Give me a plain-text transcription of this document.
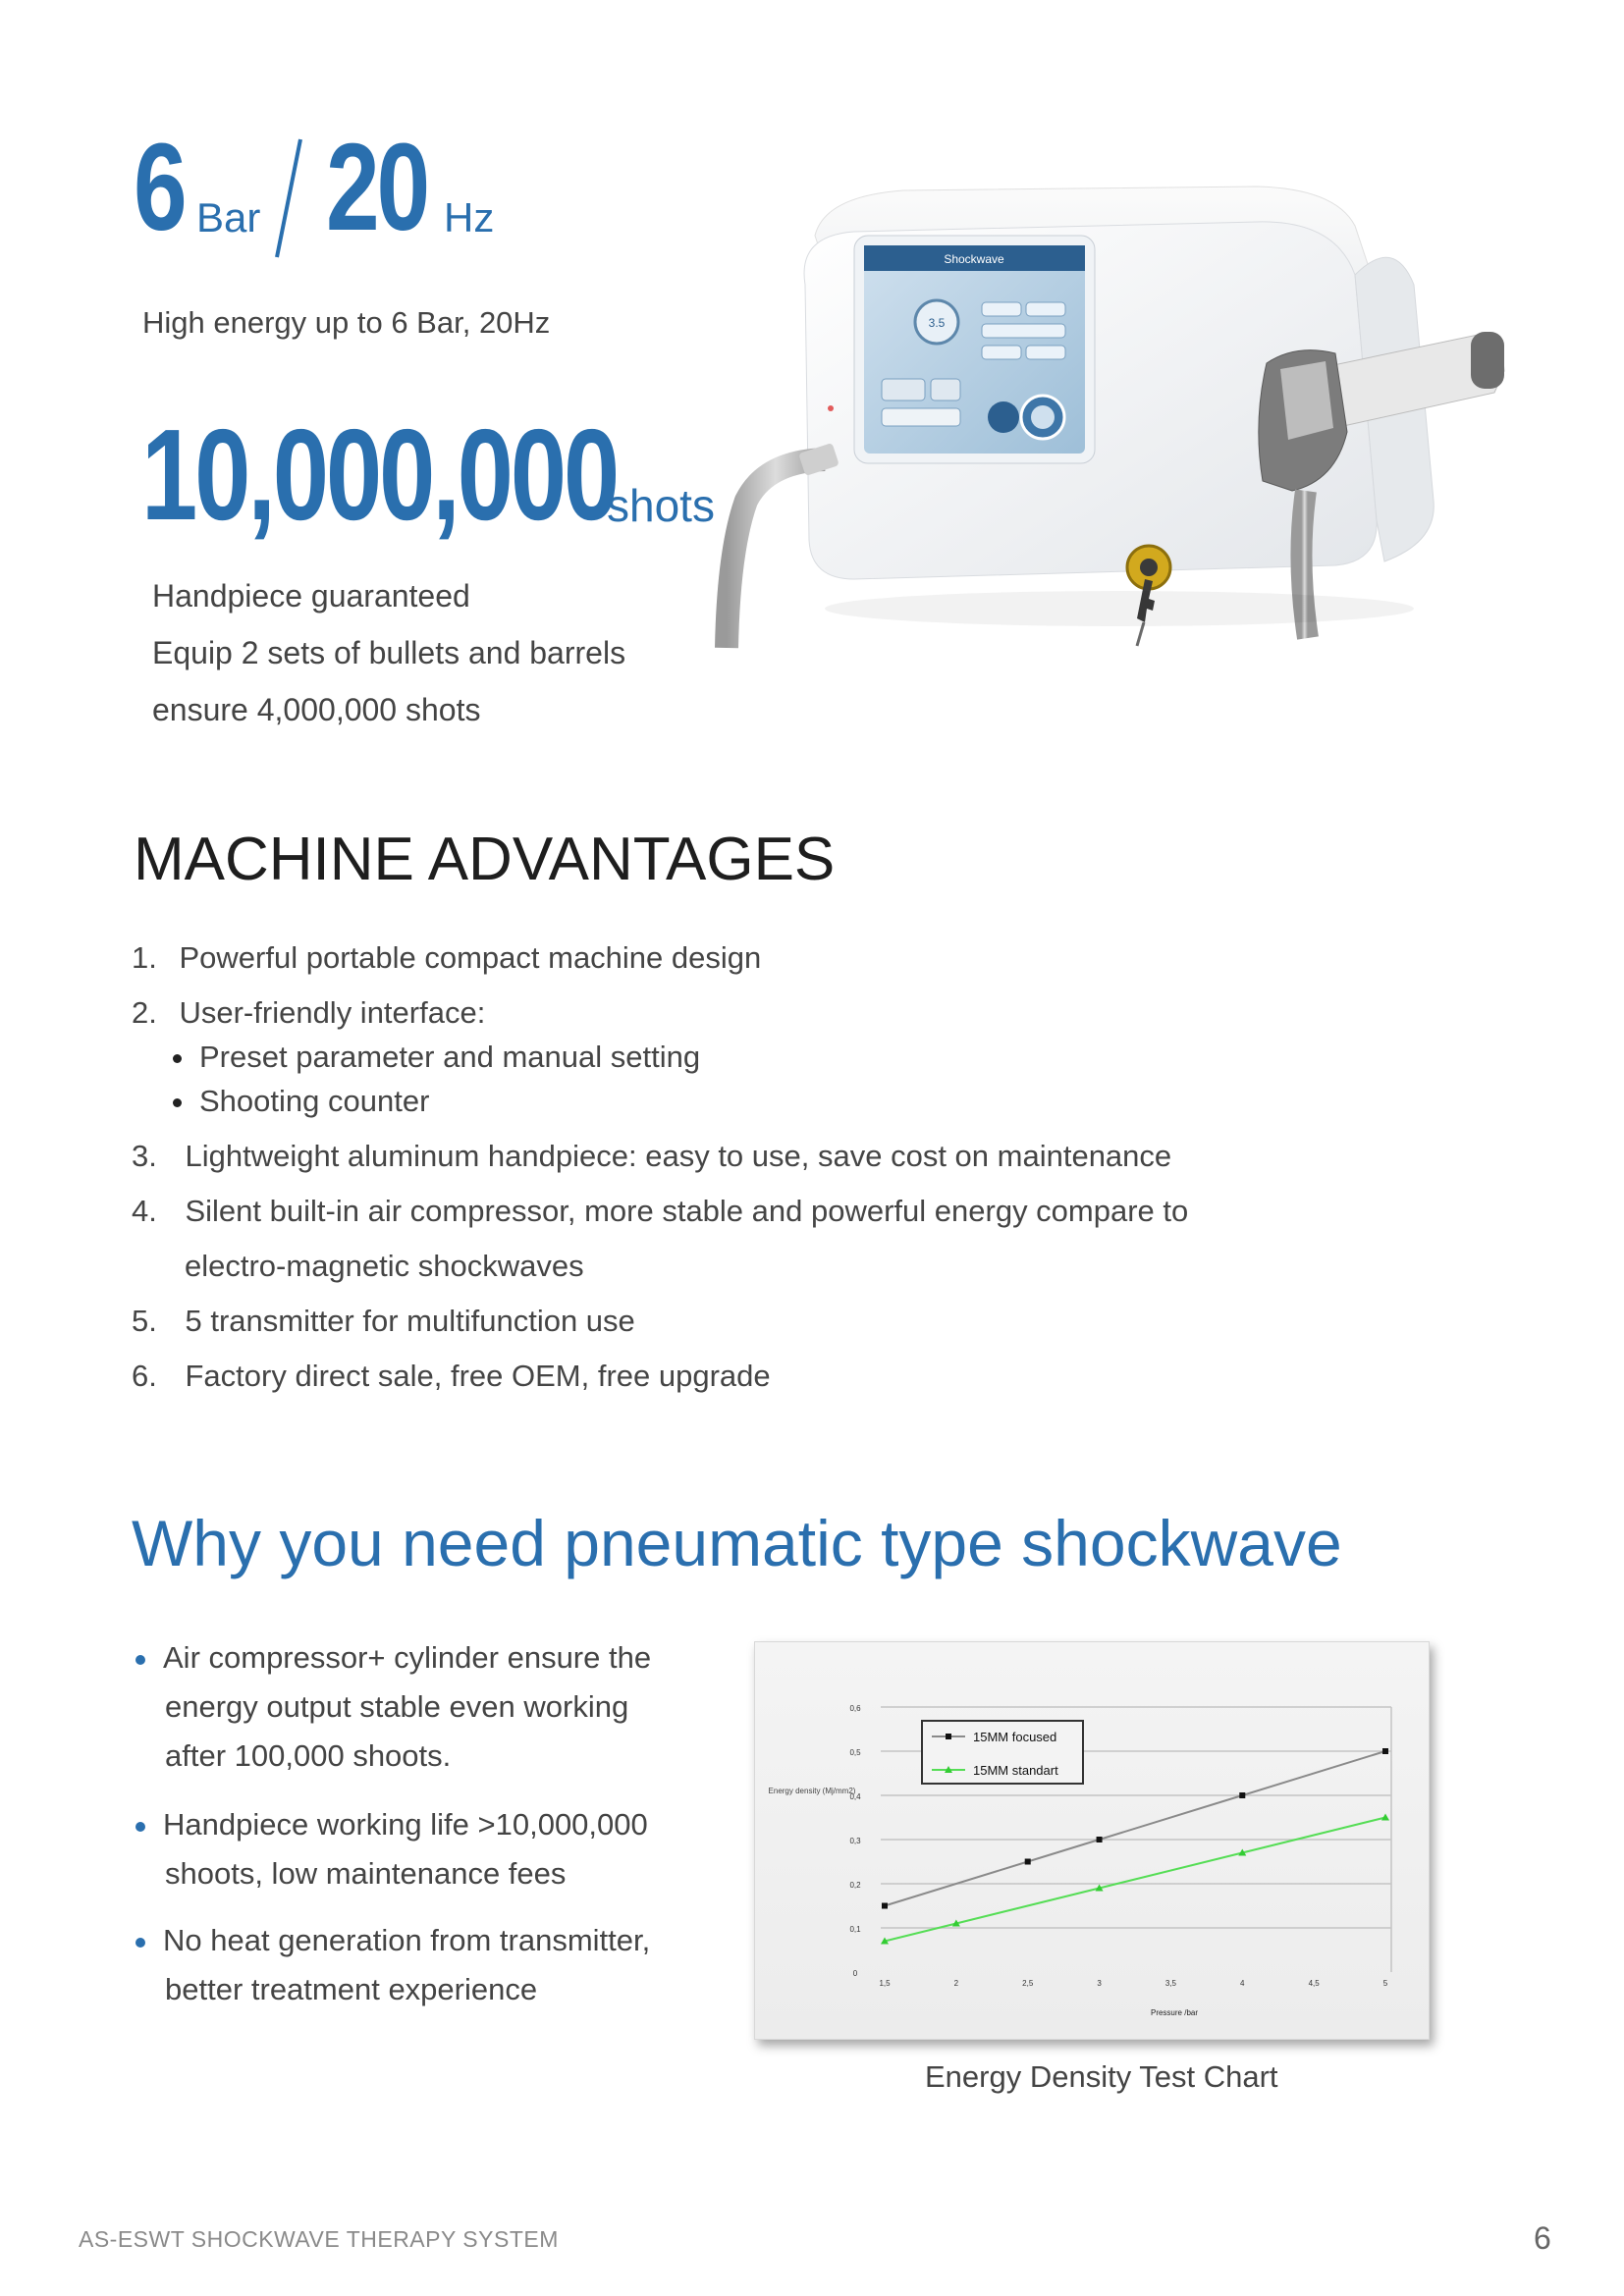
6 Bar 20 Hz
High energy up to 6 Bar, 20Hz
10,000,000
shots
Handpiece guaranteed
Equip 2 sets of bullets and barrels
ensure 4,000,000 shots
Shockwave
3.5
MACHINE ADVANTAGES
1. Powerful portable compact machine design
2. User-friendly interface:
Preset parameter and manual setting
Shooting counter
3. Lightweight aluminum handpiece: easy to use, save cost on maintenance
4. Silent built-in air compressor, more stable and powerful energy compare to
electro-magnetic shockwaves
5. 5 transmitter for multifunction use
6. Factory direct sale, free OEM, free upgrade
Why you need pneumatic type shockwave
Air compressor+ cylinder ensure the
energy output stable even working
after 100,000 shoots.
Handpiece working life >10,000,000
shoots, low maintenance fees
No heat generation from transmitter,
better treatment experience	0
0,1
0,2
0,3
0,4
0,5
0,6
1,5	2	2,5	3	3,5	4	4,5	5
Pressure /bar
Energy density (Mj/mm2)
15MM focused
15MM standart
Energy Density Test Chart
AS-ESWT SHOCKWAVE THERAPY SYSTEM	6
